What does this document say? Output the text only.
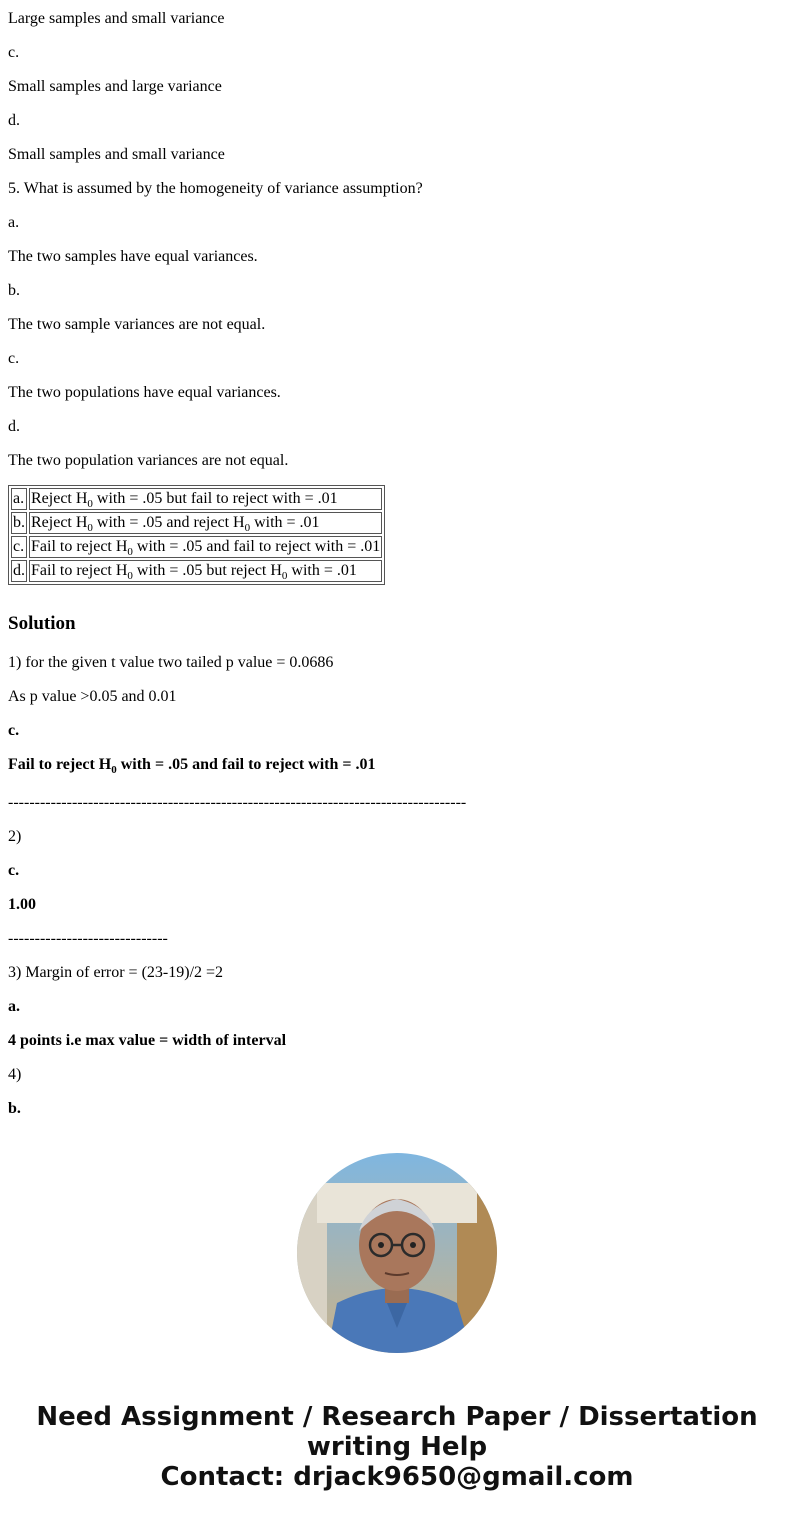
Large samples and small variance

c.

Small samples and large variance

d.

Small samples and small variance

5. What is assumed by the homogeneity of variance assumption?

a.

The two samples have equal variances.

b.

The two sample variances are not equal.

c.

The two populations have equal variances.

d.

The two population variances are not equal.

a.	Reject $H_0$ with = .05 but fail to reject with = .01
b.	Reject $H_0$ with = .05 and reject $H_0$ with = .01
c.	Fail to reject $H_0$ with = .05 and fail to reject with = .01
d.	Fail to reject $H_0$ with = .05 but reject $H_0$ with = .01
Solution

1) for the given t value two tailed p value = 0.0686

As p value >0.05 and 0.01

c.

Fail to reject $H_0$ with = .05 and fail to reject with = .01

--------------------------------------------------------------------------------------

2)

c.

1.00

------------------------------

3) Margin of error = (23-19)/2 =2

a.

4 points i.e max value = width of interval

4)

b.

Need Assignment / Research Paper / Dissertation
writing Help
Contact: drjack9650@gmail.com
